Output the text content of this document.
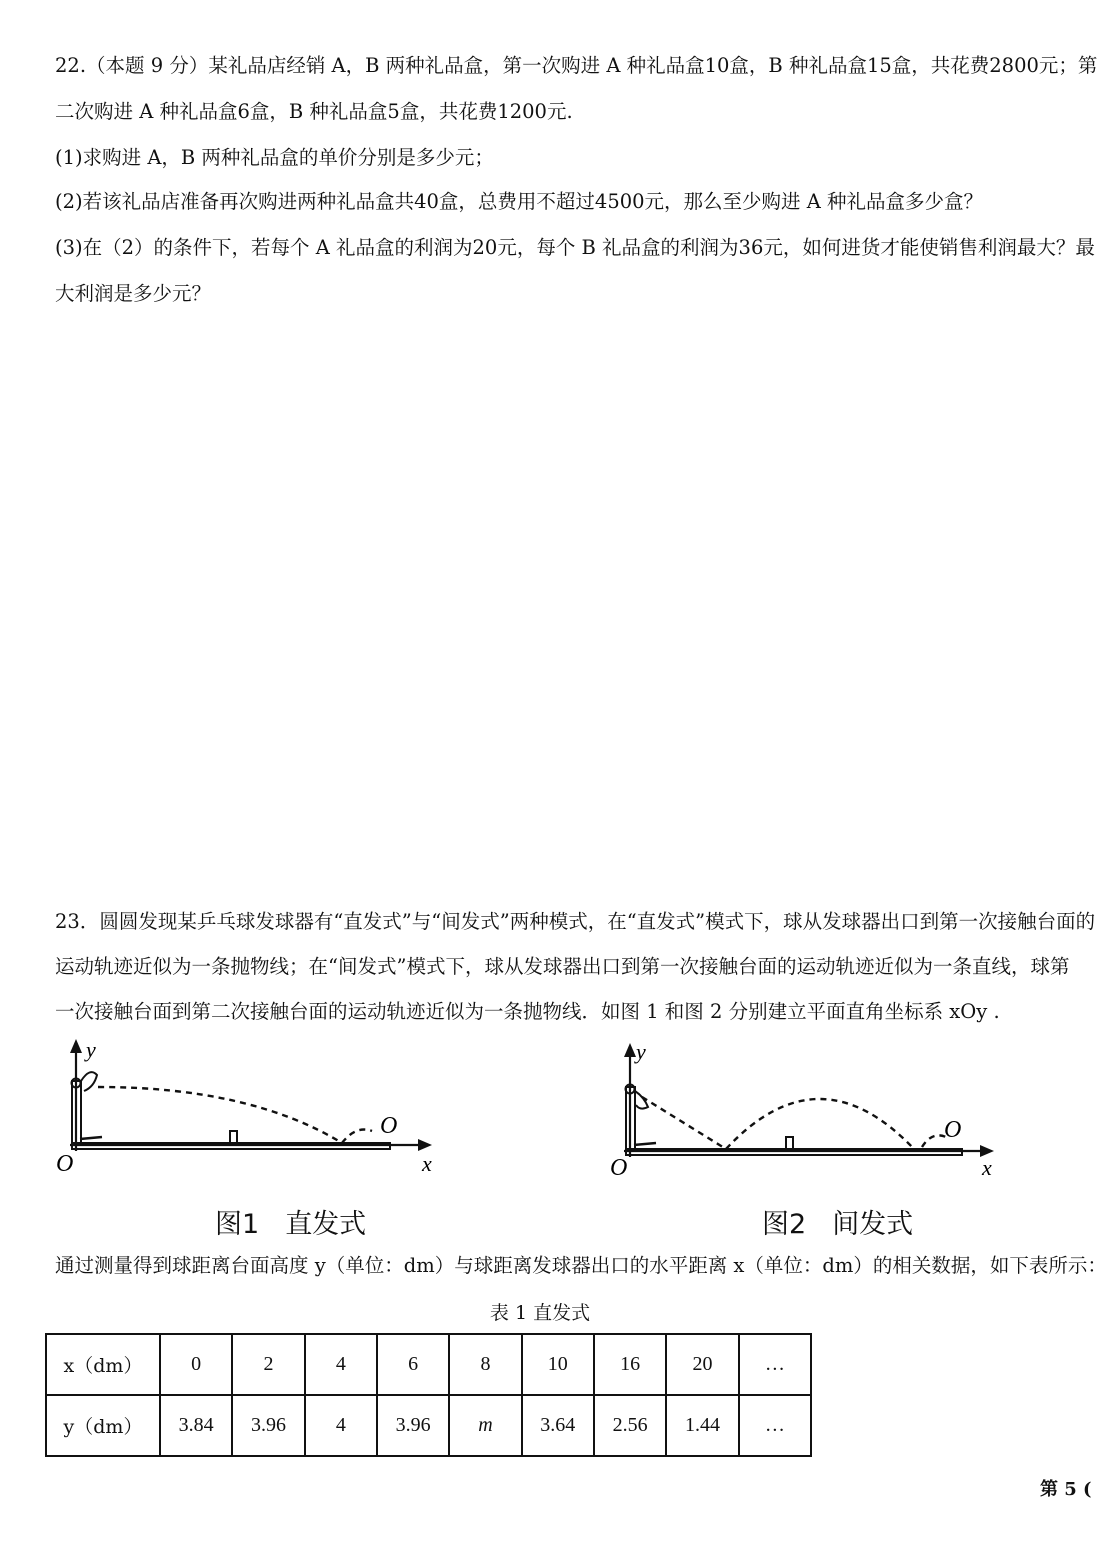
22.（本题 9 分）某礼品店经销 A，B 两种礼品盒，第一次购进 A 种礼品盒10盒，B 种礼品盒15盒，共花费2800元；第
二次购进 A 种礼品盒6盒，B 种礼品盒5盒，共花费1200元.
(1)求购进 A，B 两种礼品盒的单价分别是多少元；
(2)若该礼品店准备再次购进两种礼品盒共40盒，总费用不超过4500元，那么至少购进 A 种礼品盒多少盒？
(3)在（2）的条件下，若每个 A 礼品盒的利润为20元，每个 B 礼品盒的利润为36元，如何进货才能使销售利润最大？最
大利润是多少元？
23．圆圆发现某乒乓球发球器有“直发式”与“间发式”两种模式，在“直发式”模式下，球从发球器出口到第一次接触台面的
运动轨迹近似为一条抛物线；在“间发式”模式下，球从发球器出口到第一次接触台面的运动轨迹近似为一条直线，球第
一次接触台面到第二次接触台面的运动轨迹近似为一条抛物线．如图 1 和图 2 分别建立平面直角坐标系 xOy .
O
y
x
O
图1 直发式
O
y
x
O
图2 间发式
通过测量得到球距离台面高度 y（单位：dm）与球距离发球器出口的水平距离 x（单位：dm）的相关数据，如下表所示：
表 1 直发式
x（dm）	0	2	4	6	8	10	16	20	…
y（dm）	3.84	3.96	4	3.96	m	3.64	2.56	1.44	…
第 5 (
